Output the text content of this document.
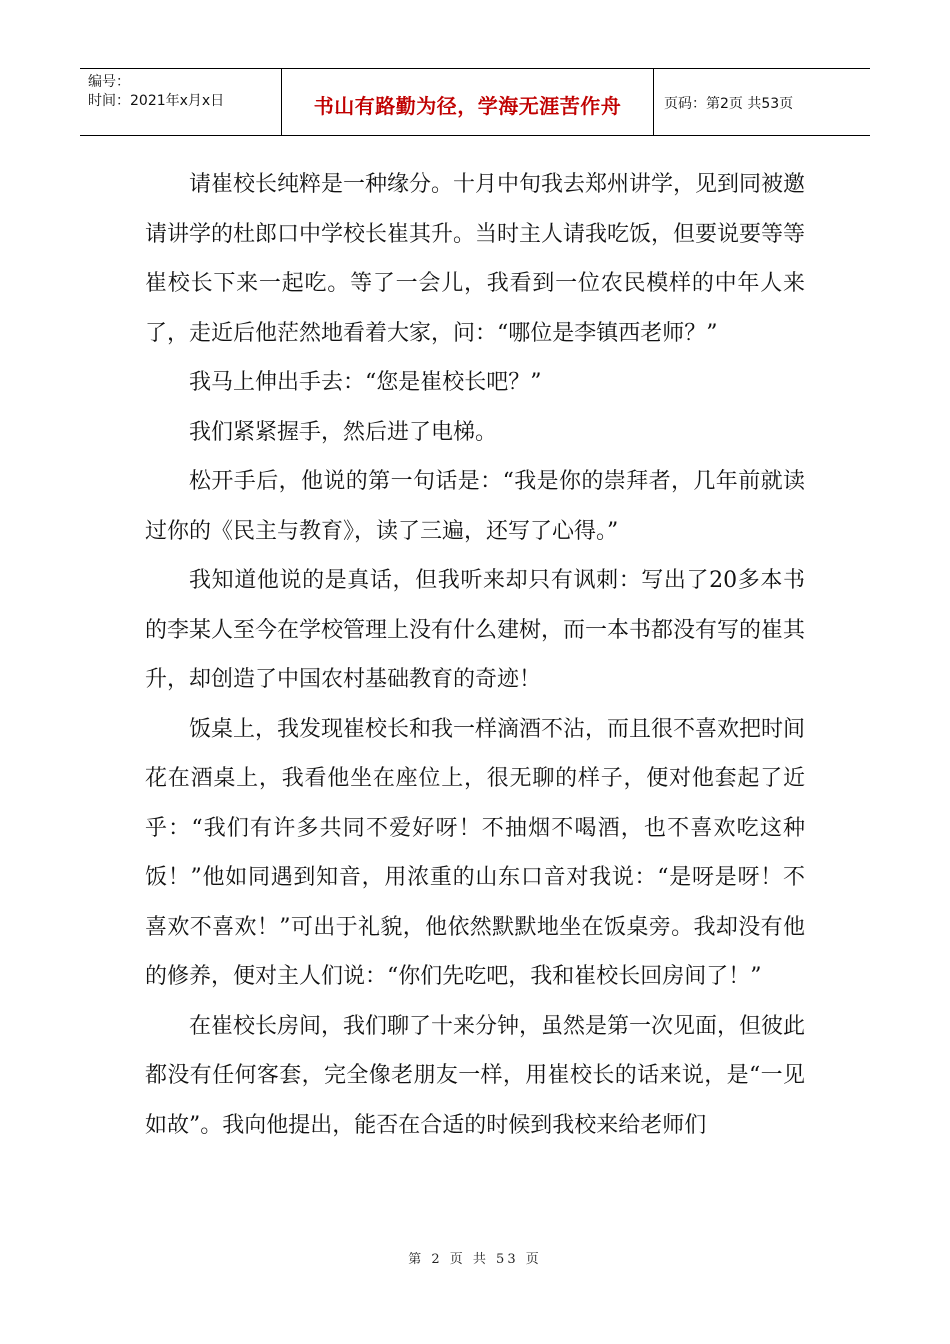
编号：
时间：2021年x月x日	书山有路勤为径，学海无涯苦作舟	页码：第2页 共53页

请崔校长纯粹是一种缘分。十月中旬我去郑州讲学，见到同被邀请讲学的杜郎口中学校长崔其升。当时主人请我吃饭，但要说要等等崔校长下来一起吃。等了一会儿，我看到一位农民模样的中年人来了，走近后他茫然地看着大家，问：“哪位是李镇西老师？”

我马上伸出手去：“您是崔校长吧？”

我们紧紧握手，然后进了电梯。

松开手后，他说的第一句话是：“我是你的崇拜者，几年前就读过你的《民主与教育》，读了三遍，还写了心得。”

我知道他说的是真话，但我听来却只有讽刺：写出了20多本书的李某人至今在学校管理上没有什么建树，而一本书都没有写的崔其升，却创造了中国农村基础教育的奇迹！

饭桌上，我发现崔校长和我一样滴酒不沾，而且很不喜欢把时间花在酒桌上，我看他坐在座位上，很无聊的样子，便对他套起了近乎：“我们有许多共同不爱好呀！不抽烟不喝酒，也不喜欢吃这种饭！”他如同遇到知音，用浓重的山东口音对我说：“是呀是呀！不喜欢不喜欢！”可出于礼貌，他依然默默地坐在饭桌旁。我却没有他的修养，便对主人们说：“你们先吃吧，我和崔校长回房间了！”

在崔校长房间，我们聊了十来分钟，虽然是第一次见面，但彼此都没有任何客套，完全像老朋友一样，用崔校长的话来说，是“一见如故”。我向他提出，能否在合适的时候到我校来给老师们

第 2 页 共 53 页
